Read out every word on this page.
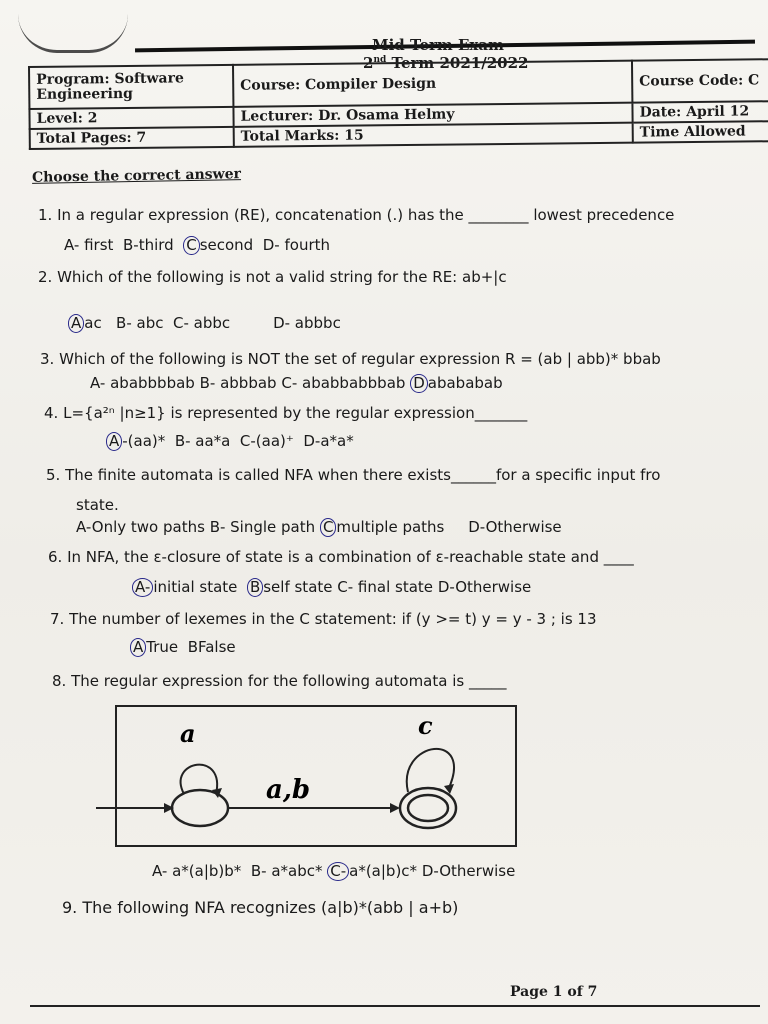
Mid Term Exam
2nd Term 2021/2022
Program: Software
Engineering	Course: Compiler Design	Course Code: C
Level: 2	Lecturer: Dr. Osama Helmy	Date: April 12
Total Pages: 7	Total Marks: 15	Time Allowed
Choose the correct answer
1. In a regular expression (RE), concatenation (.) has the ________ lowest precedence
A- first B-third C second D- fourth
2. Which of the following is not a valid string for the RE: ab+|c
A ac B- abc C- abbc	D- abbbc
3. Which of the following is NOT the set of regular expression R = (ab | abb)* bbab
A- ababbbbab B- abbbab C- ababbabbbab D abababab
4. L={a²ⁿ |n≥1} is represented by the regular expression_______
A -(aa)* B- aa*a C-(aa)⁺ D-a*a*
5. The finite automata is called NFA when there exists______for a specific input fro
state.
A-Only two paths B- Single path C multiple paths D-Otherwise
6. In NFA, the ε-closure of state is a combination of ε-reachable state and ____
A- initial state B self state C- final state D-Otherwise
7. The number of lexemes in the C statement: if (y >= t) y = y - 3 ; is 13
A True BFalse
8. The regular expression for the following automata is _____
a
a,b
c
A- a*(a|b)b* B- a*abc* C- a*(a|b)c* D-Otherwise
9. The following NFA recognizes (a|b)*(abb | a+b)
Page 1 of 7
